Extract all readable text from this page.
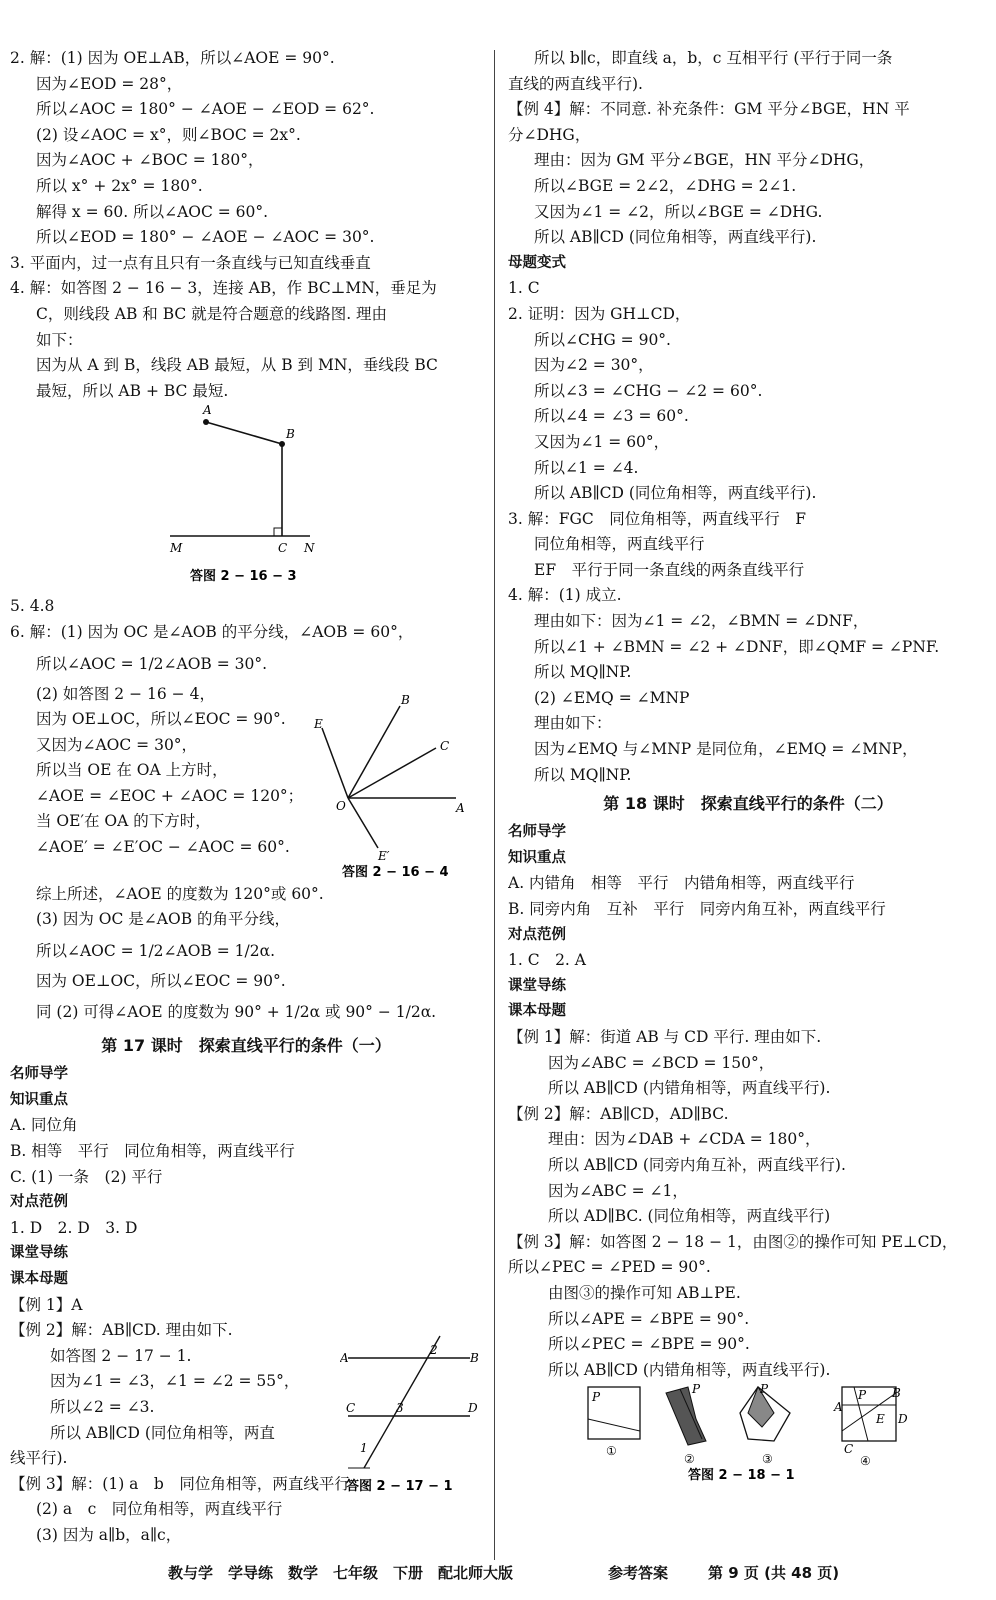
2. 解：(1) 因为 OE⊥AB，所以∠AOE = 90°.
因为∠EOD = 28°，
所以∠AOC = 180° − ∠AOE − ∠EOD = 62°.
(2) 设∠AOC = x°，则∠BOC = 2x°.
因为∠AOC + ∠BOC = 180°，
所以 x° + 2x° = 180°.
解得 x = 60. 所以∠AOC = 60°.
所以∠EOD = 180° − ∠AOE − ∠AOC = 30°.
3. 平面内，过一点有且只有一条直线与已知直线垂直
4. 解：如答图 2 − 16 − 3，连接 AB，作 BC⊥MN，垂足为
C，则线段 AB 和 BC 就是符合题意的线路图. 理由
如下：
因为从 A 到 B，线段 AB 最短，从 B 到 MN，垂线段 BC
最短，所以 AB + BC 最短.
A
B
M	C N
答图 2 − 16 − 3
5. 4.8
6. 解：(1) 因为 OC 是∠AOB 的平分线，∠AOB = 60°，
所以∠AOC = 1/2∠AOB = 30°.
(2) 如答图 2 − 16 − 4，
因为 OE⊥OC，所以∠EOC = 90°.
又因为∠AOC = 30°，
所以当 OE 在 OA 上方时，
∠AOE = ∠EOC + ∠AOC = 120°；
当 OE′在 OA 的下方时，
∠AOE′ = ∠E′OC − ∠AOC = 60°.
B
E
C
O	A
E′
答图 2 − 16 − 4
综上所述，∠AOE 的度数为 120°或 60°.
(3) 因为 OC 是∠AOB 的角平分线，
所以∠AOC = 1/2∠AOB = 1/2α.
因为 OE⊥OC，所以∠EOC = 90°.
同 (2) 可得∠AOE 的度数为 90° + 1/2α 或 90° − 1/2α.
第 17 课时　探索直线平行的条件（一）
名师导学
知识重点
A. 同位角
B. 相等　平行　同位角相等，两直线平行
C. (1) 一条　(2) 平行
对点范例
1. D　2. D　3. D
课堂导练
课本母题
【例 1】A
【例 2】解：AB∥CD. 理由如下.
如答图 2 − 17 − 1.
因为∠1 = ∠3，∠1 = ∠2 = 55°，
所以∠2 = ∠3.
所以 AB∥CD (同位角相等，两直
线平行).
【例 3】解：(1) a　b　同位角相等，两直线平行
(2) a　c　同位角相等，两直线平行
(3) 因为 a∥b，a∥c，
A
2
B
C	3	D
1
答图 2 − 17 − 1
所以 b∥c，即直线 a，b，c 互相平行 (平行于同一条
直线的两直线平行).
【例 4】解：不同意. 补充条件：GM 平分∠BGE，HN 平
分∠DHG，
理由：因为 GM 平分∠BGE，HN 平分∠DHG，
所以∠BGE = 2∠2，∠DHG = 2∠1.
又因为∠1 = ∠2，所以∠BGE = ∠DHG.
所以 AB∥CD (同位角相等，两直线平行).
母题变式
1. C
2. 证明：因为 GH⊥CD，
所以∠CHG = 90°.
因为∠2 = 30°，
所以∠3 = ∠CHG − ∠2 = 60°.
所以∠4 = ∠3 = 60°.
又因为∠1 = 60°，
所以∠1 = ∠4.
所以 AB∥CD (同位角相等，两直线平行).
3. 解：FGC　同位角相等，两直线平行　F
同位角相等，两直线平行
EF　平行于同一条直线的两条直线平行
4. 解：(1) 成立.
理由如下：因为∠1 = ∠2，∠BMN = ∠DNF，
所以∠1 + ∠BMN = ∠2 + ∠DNF，即∠QMF = ∠PNF.
所以 MQ∥NP.
(2) ∠EMQ = ∠MNP
理由如下：
因为∠EMQ 与∠MNP 是同位角，∠EMQ = ∠MNP，
所以 MQ∥NP.
第 18 课时　探索直线平行的条件（二）
名师导学
知识重点
A. 内错角　相等　平行　内错角相等，两直线平行
B. 同旁内角　互补　平行　同旁内角互补，两直线平行
对点范例
1. C　2. A
课堂导练
课本母题
【例 1】解：街道 AB 与 CD 平行. 理由如下.
因为∠ABC = ∠BCD = 150°，
所以 AB∥CD (内错角相等，两直线平行).
【例 2】解：AB∥CD，AD∥BC.
理由：因为∠DAB + ∠CDA = 180°，
所以 AB∥CD (同旁内角互补，两直线平行).
因为∠ABC = ∠1，
所以 AD∥BC. (同位角相等，两直线平行)
【例 3】解：如答图 2 − 18 − 1，由图②的操作可知 PE⊥CD，
所以∠PEC = ∠PED = 90°.
由图③的操作可知 AB⊥PE.
所以∠APE = ∠BPE = 90°.
所以∠PEC = ∠BPE = 90°.
所以 AB∥CD (内错角相等，两直线平行).
P
①
P
②
P
③
B
P
A
E D
C
④
答图 2 − 18 − 1
教与学　学导练　数学　七年级　下册　配北师大版	参考答案	第 9 页 (共 48 页)
